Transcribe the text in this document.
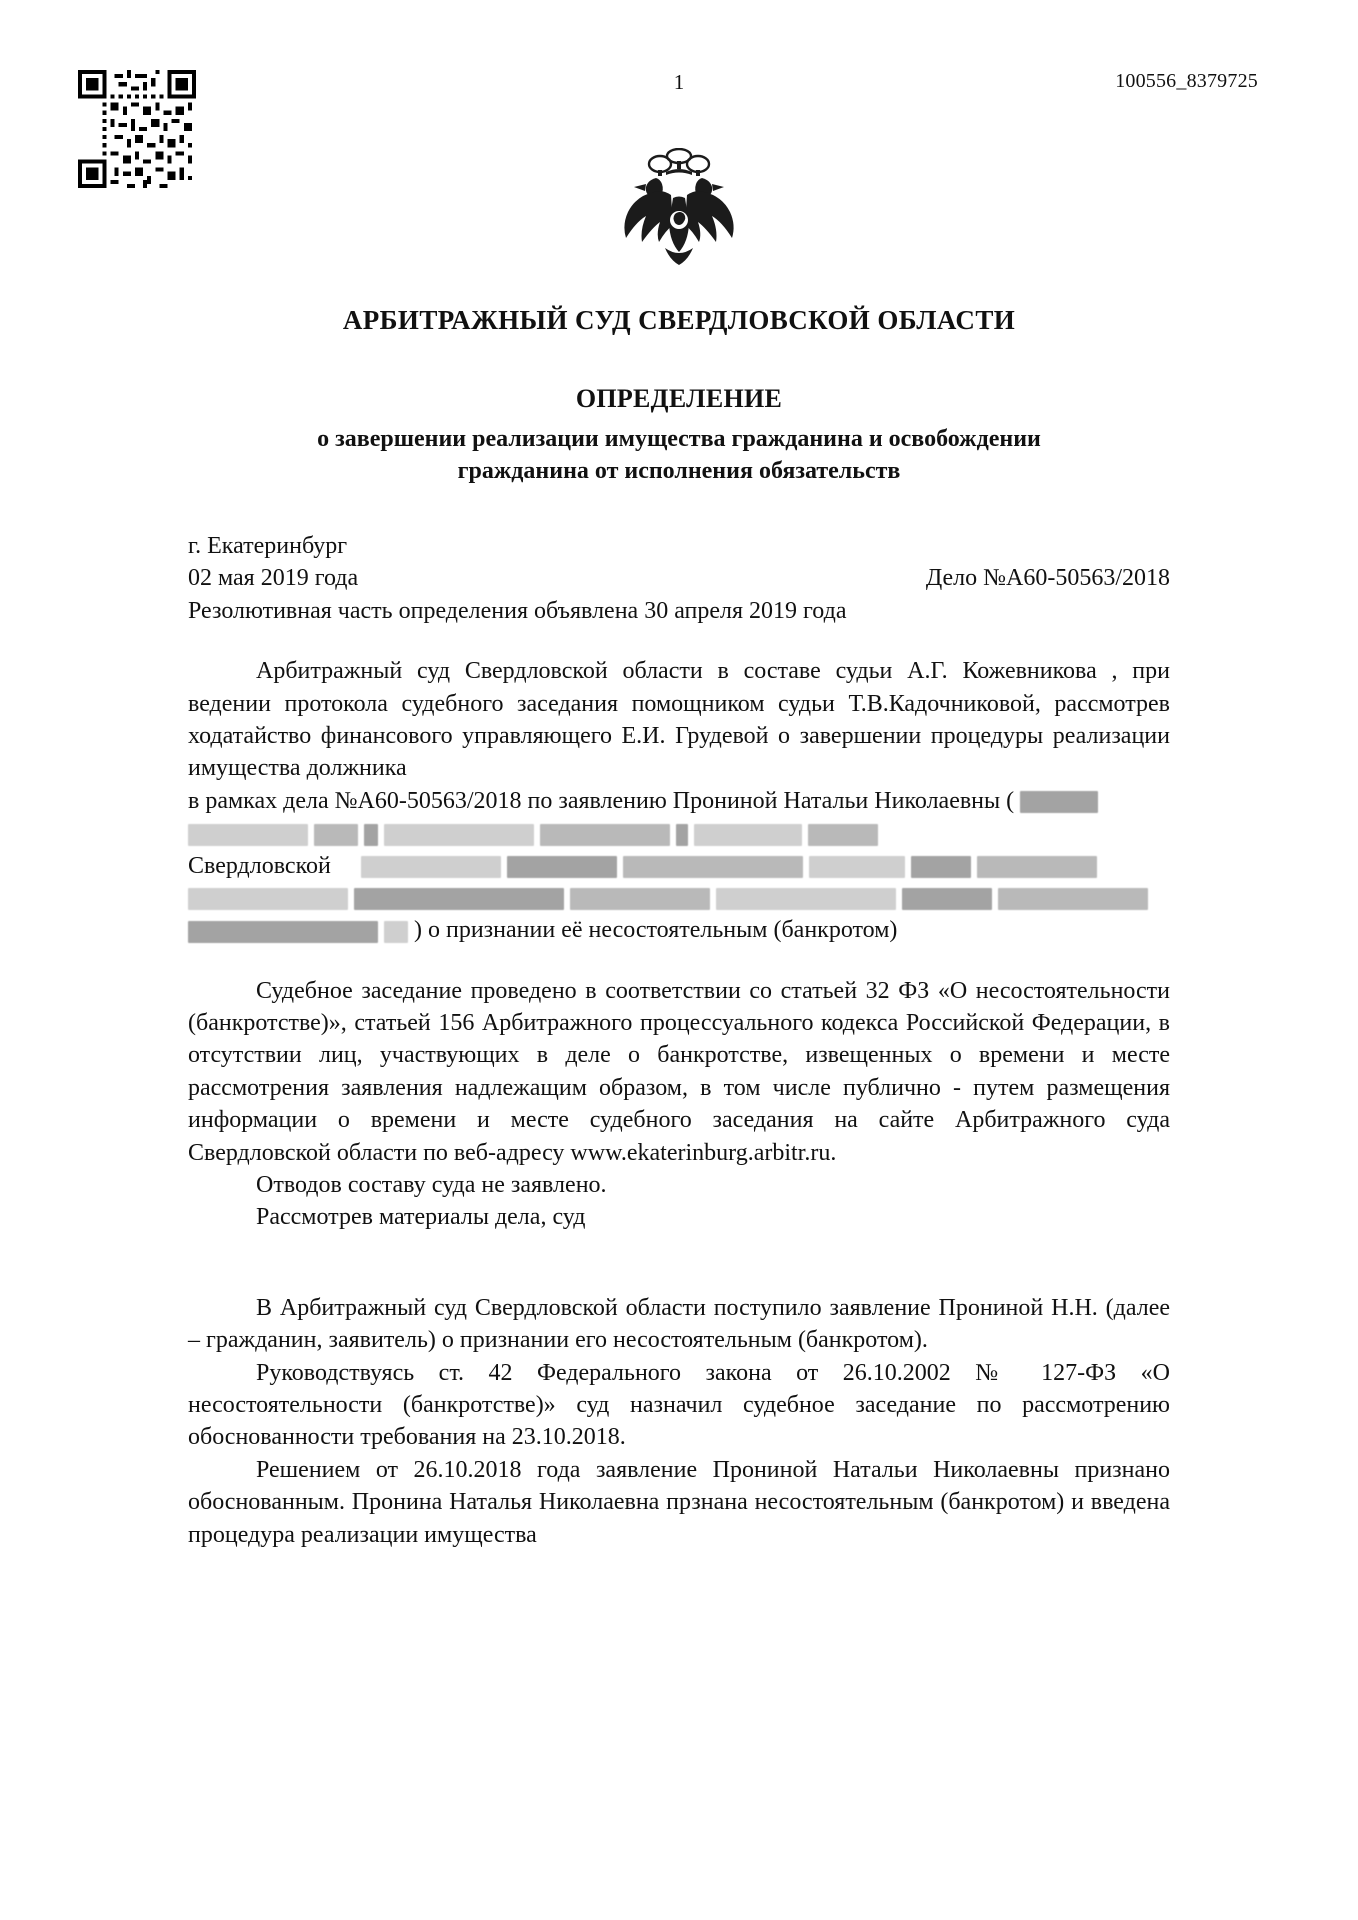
1	100556_8379725
АРБИТРАЖНЫЙ СУД СВЕРДЛОВСКОЙ ОБЛАСТИ
ОПРЕДЕЛЕНИЕ
о завершении реализации имущества гражданина и освобождении
гражданина от исполнения обязательств
г. Екатеринбург
02 мая 2019 года	Дело №А60-50563/2018
Резолютивная часть определения объявлена 30 апреля 2019 года

Арбитражный суд Свердловской области в составе судьи А.Г. Кожевникова , при ведении протокола судебного заседания помощником судьи Т.В.Кадочниковой, рассмотрев ходатайство финансового управляющего Е.И. Грудевой о завершении процедуры реализации имущества должника

в рамках дела №А60-50563/2018 по заявлению Прониной Натальи Николаевны (

Свердловской

) о признании её несостоятельным (банкротом)

Судебное заседание проведено в соответствии со статьей 32 ФЗ «О несостоятельности (банкротстве)», статьей 156 Арбитражного процессуального кодекса Российской Федерации, в отсутствии лиц, участвующих в деле о банкротстве, извещенных о времени и месте рассмотрения заявления надлежащим образом, в том числе публично - путем размещения информации о времени и месте судебного заседания на сайте Арбитражного суда Свердловской области по веб-адресу www.ekaterinburg.arbitr.ru.

Отводов составу суда не заявлено.

Рассмотрев материалы дела, суд

В Арбитражный суд Свердловской области поступило заявление Прониной Н.Н. (далее – гражданин, заявитель) о признании его несостоятельным (банкротом).

Руководствуясь ст. 42 Федерального закона от 26.10.2002 № 127-ФЗ «О несостоятельности (банкротстве)» суд назначил судебное заседание по рассмотрению обоснованности требования на 23.10.2018.

Решением от 26.10.2018 года заявление Прониной Натальи Николаевны признано обоснованным. Пронина Наталья Николаевна прзнана несостоятельным (банкротом) и введена процедура реализации имущества
